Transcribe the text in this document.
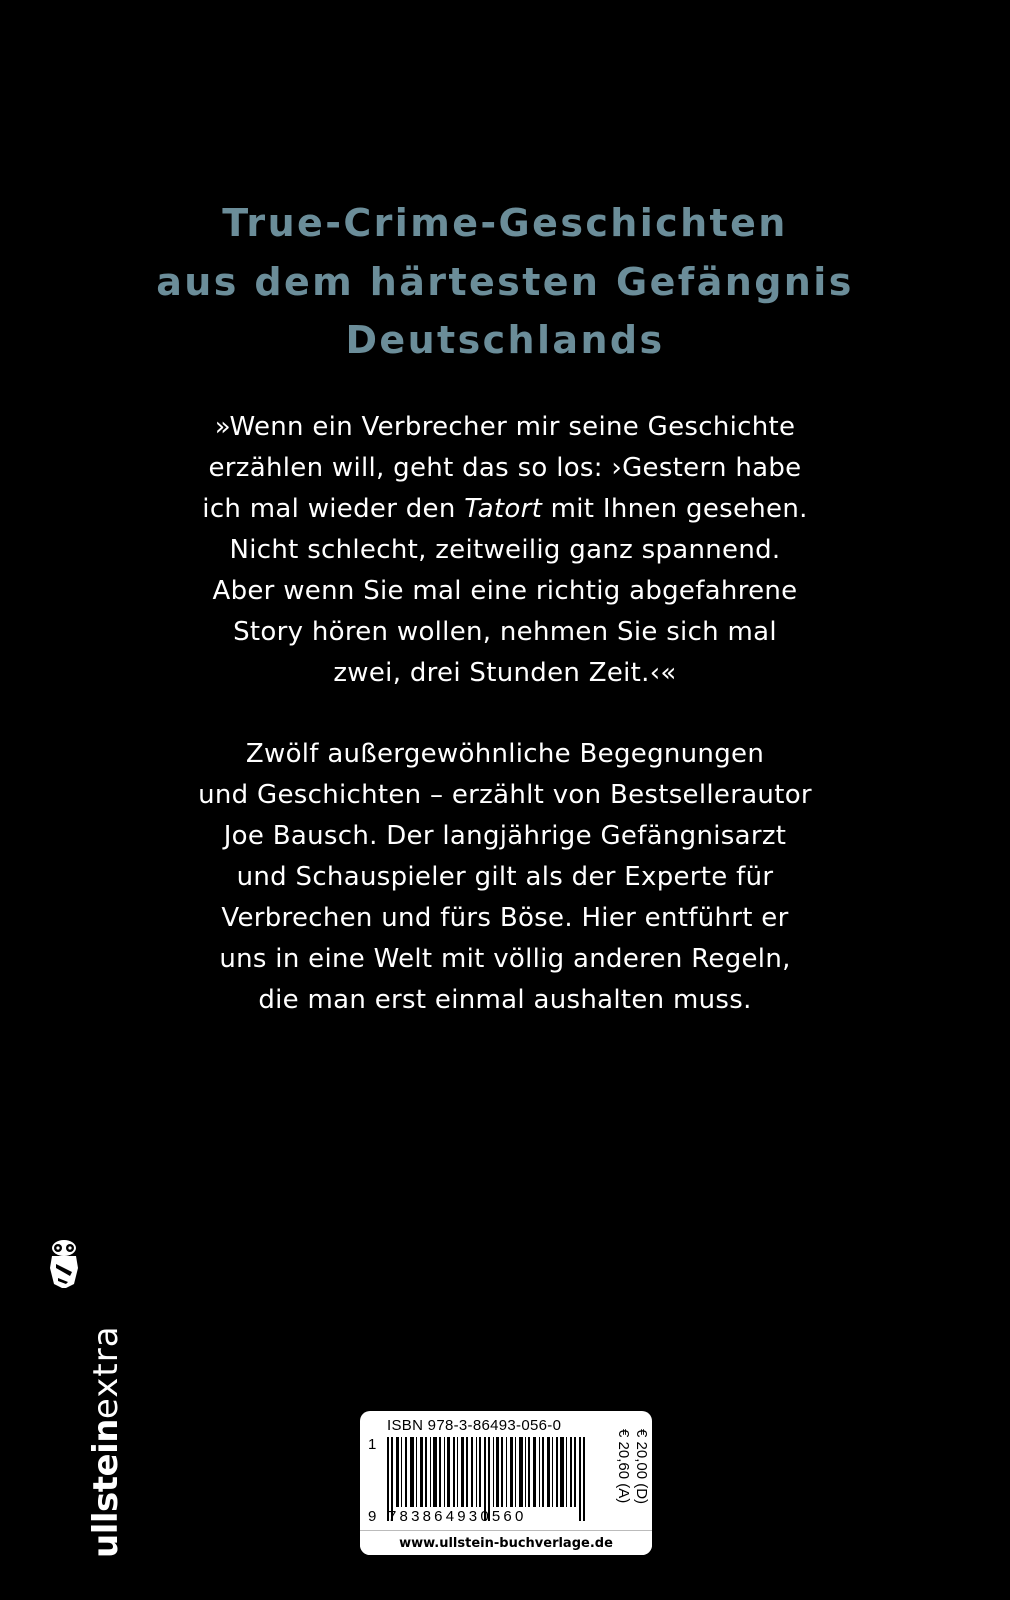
True-Crime-Geschichten
aus dem härtesten Gefängnis
Deutschlands

»Wenn ein Verbrecher mir seine Geschichte
erzählen will, geht das so los: ›Gestern habe
ich mal wieder den Tatort mit Ihnen gesehen.
Nicht schlecht, zeitweilig ganz spannend.
Aber wenn Sie mal eine richtig abgefahrene
Story hören wollen, nehmen Sie sich mal
zwei, drei Stunden Zeit.‹«

Zwölf außergewöhnliche Begegnungen
und Geschichten – erzählt von Bestsellerautor
Joe Bausch. Der langjährige Gefängnisarzt
und Schauspieler gilt als der Experte für
Verbrechen und fürs Böse. Hier entführt er
uns in eine Welt mit völlig anderen Regeln,
die man erst einmal aushalten muss.

ullsteinextra
ISBN 978-3-86493-056-0
1
9 783864930560
€ 20,00 (D)
€ 20,60 (A)
www.ullstein-buchverlage.de
